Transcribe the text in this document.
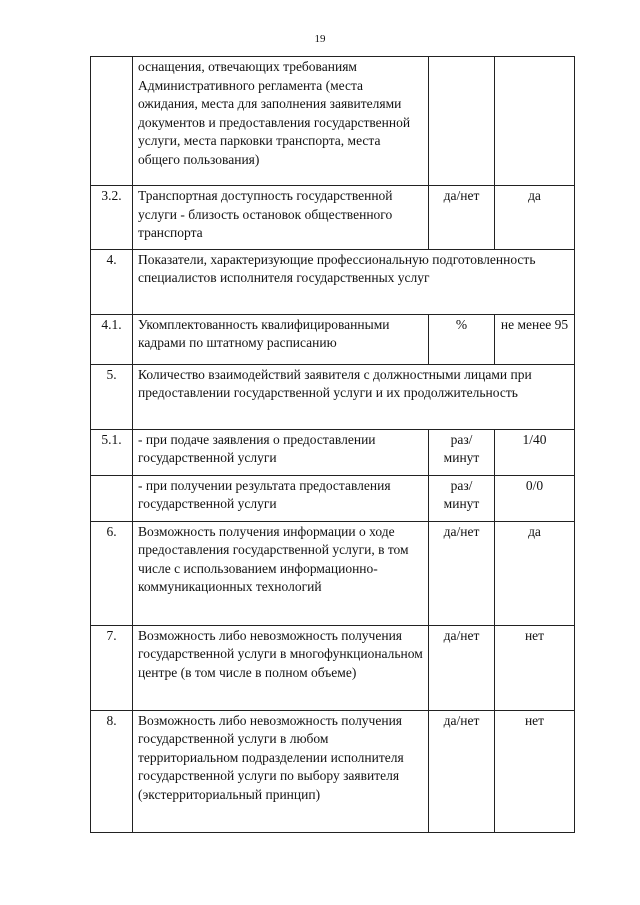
19
	оснащения, отвечающих требованиям Административного регламента (места ожидания, места для заполнения заявителями документов и предоставления государственной услуги, места парковки транспорта, места общего пользования)		
3.2.	Транспортная доступность государственной услуги - близость остановок общественного транспорта	да/нет	да
4.	Показатели, характеризующие профессиональную подготовленность специалистов исполнителя государственных услуг		
4.1.	Укомплектованность квалифицированными кадрами по штатному расписанию	%	не менее 95
5.	Количество взаимодействий заявителя с должностными лицами при предоставлении государственной услуги и их продолжительность		
5.1.	- при подаче заявления о предоставлении государственной услуги	раз/минут	1/40
	- при получении результата предоставления государственной услуги	раз/минут	0/0
6.	Возможность получения информации о ходе предоставления государственной услуги, в том числе с использованием информационно-коммуникационных технологий	да/нет	да
7.	Возможность либо невозможность получения государственной услуги в многофункциональном центре (в том числе в полном объеме)	да/нет	нет
8.	Возможность либо невозможность получения государственной услуги в любом территориальном подразделении исполнителя государственной услуги по выбору заявителя (экстерриториальный принцип)	да/нет	нет
